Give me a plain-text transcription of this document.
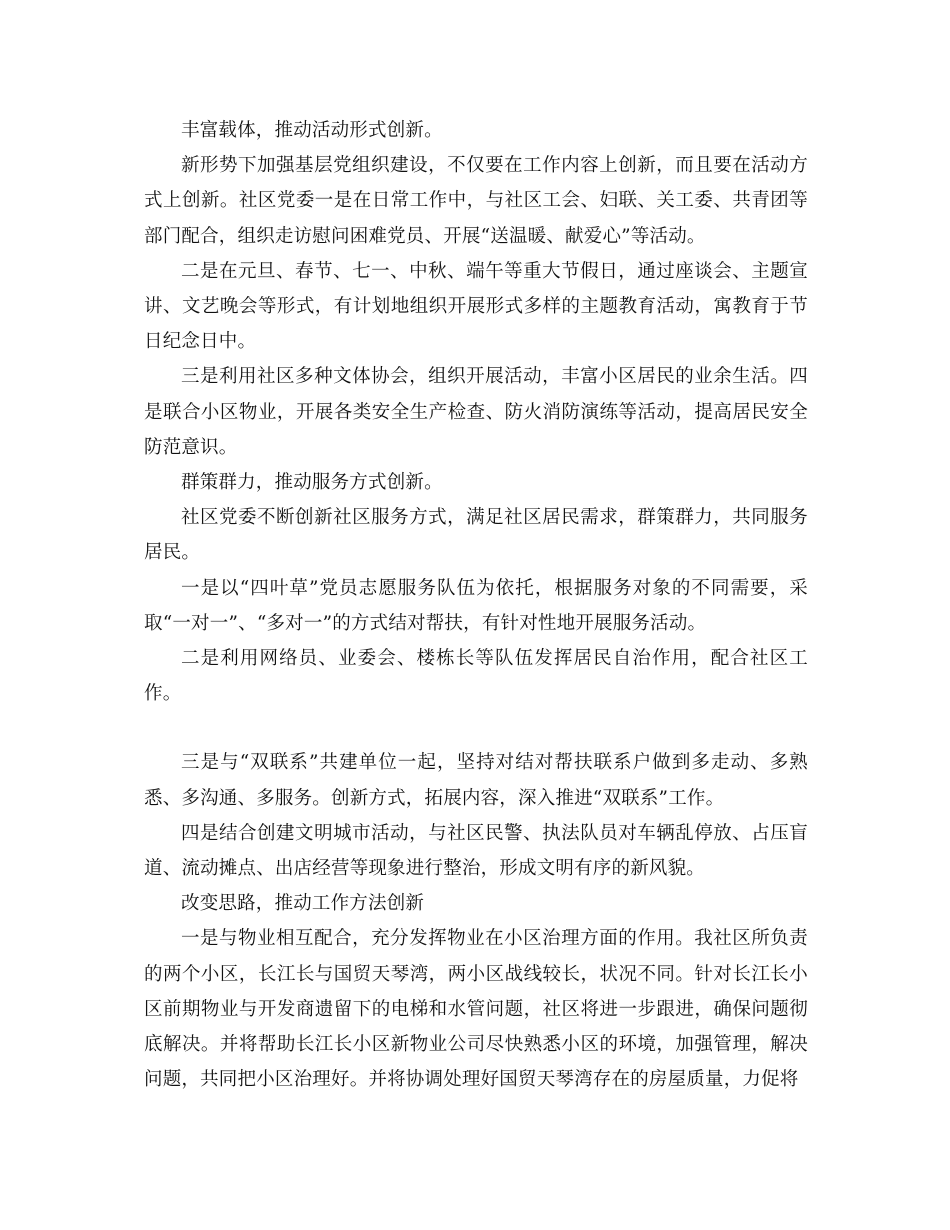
丰富载体，推动活动形式创新。

新形势下加强基层党组织建设，不仅要在工作内容上创新，而且要在活动方式上创新。社区党委一是在日常工作中，与社区工会、妇联、关工委、共青团等部门配合，组织走访慰问困难党员、开展“送温暖、献爱心”等活动。

二是在元旦、春节、七一、中秋、端午等重大节假日，通过座谈会、主题宣讲、文艺晚会等形式，有计划地组织开展形式多样的主题教育活动，寓教育于节日纪念日中。

三是利用社区多种文体协会，组织开展活动，丰富小区居民的业余生活。四是联合小区物业，开展各类安全生产检查、防火消防演练等活动，提高居民安全防范意识。

群策群力，推动服务方式创新。

社区党委不断创新社区服务方式，满足社区居民需求，群策群力，共同服务居民。

一是以“四叶草”党员志愿服务队伍为依托，根据服务对象的不同需要，采取“一对一”、“多对一”的方式结对帮扶，有针对性地开展服务活动。

二是利用网络员、业委会、楼栋长等队伍发挥居民自治作用，配合社区工作。

三是与“双联系”共建单位一起，坚持对结对帮扶联系户做到多走动、多熟悉、多沟通、多服务。创新方式，拓展内容，深入推进“双联系”工作。

四是结合创建文明城市活动，与社区民警、执法队员对车辆乱停放、占压盲道、流动摊点、出店经营等现象进行整治，形成文明有序的新风貌。

改变思路，推动工作方法创新

一是与物业相互配合，充分发挥物业在小区治理方面的作用。我社区所负责的两个小区，长江长与国贸天琴湾，两小区战线较长，状况不同。针对长江长小区前期物业与开发商遗留下的电梯和水管问题，社区将进一步跟进，确保问题彻底解决。并将帮助长江长小区新物业公司尽快熟悉小区的环境，加强管理，解决问题，共同把小区治理好。并将协调处理好国贸天琴湾存在的房屋质量，力促将
